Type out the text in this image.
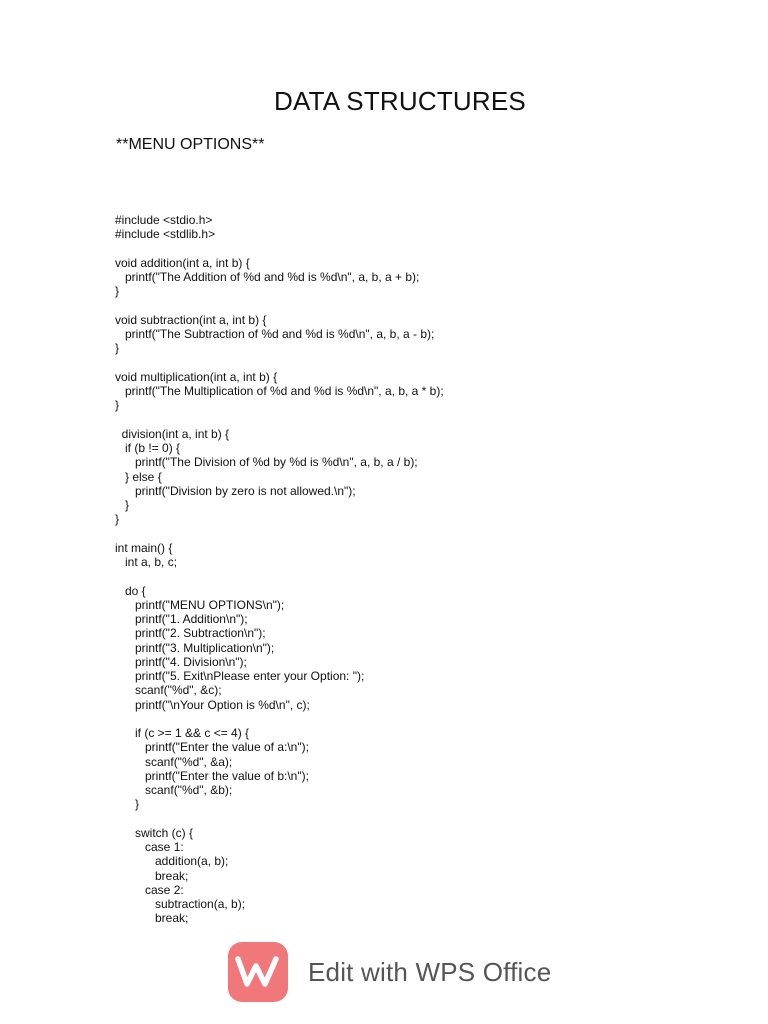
DATA STRUCTURES
**MENU OPTIONS**
#include <stdio.h>
#include <stdlib.h>

void addition(int a, int b) {
printf("The Addition of %d and %d is %d\n", a, b, a + b);
}

void subtraction(int a, int b) {
printf("The Subtraction of %d and %d is %d\n", a, b, a - b);
}

void multiplication(int a, int b) {
printf("The Multiplication of %d and %d is %d\n", a, b, a * b);
}

division(int a, int b) {
if (b != 0) {
printf("The Division of %d by %d is %d\n", a, b, a / b);
} else {
printf("Division by zero is not allowed.\n");
}
}

int main() {
int a, b, c;

do {
printf("MENU OPTIONS\n");
printf("1. Addition\n");
printf("2. Subtraction\n");
printf("3. Multiplication\n");
printf("4. Division\n");
printf("5. Exit\nPlease enter your Option: ");
scanf("%d", &c);
printf("\nYour Option is %d\n", c);

if (c >= 1 && c <= 4) {
printf("Enter the value of a:\n");
scanf("%d", &a);
printf("Enter the value of b:\n");
scanf("%d", &b);
}

switch (c) {
case 1:
addition(a, b);
break;
case 2:
subtraction(a, b);
break;
Edit with WPS Office
